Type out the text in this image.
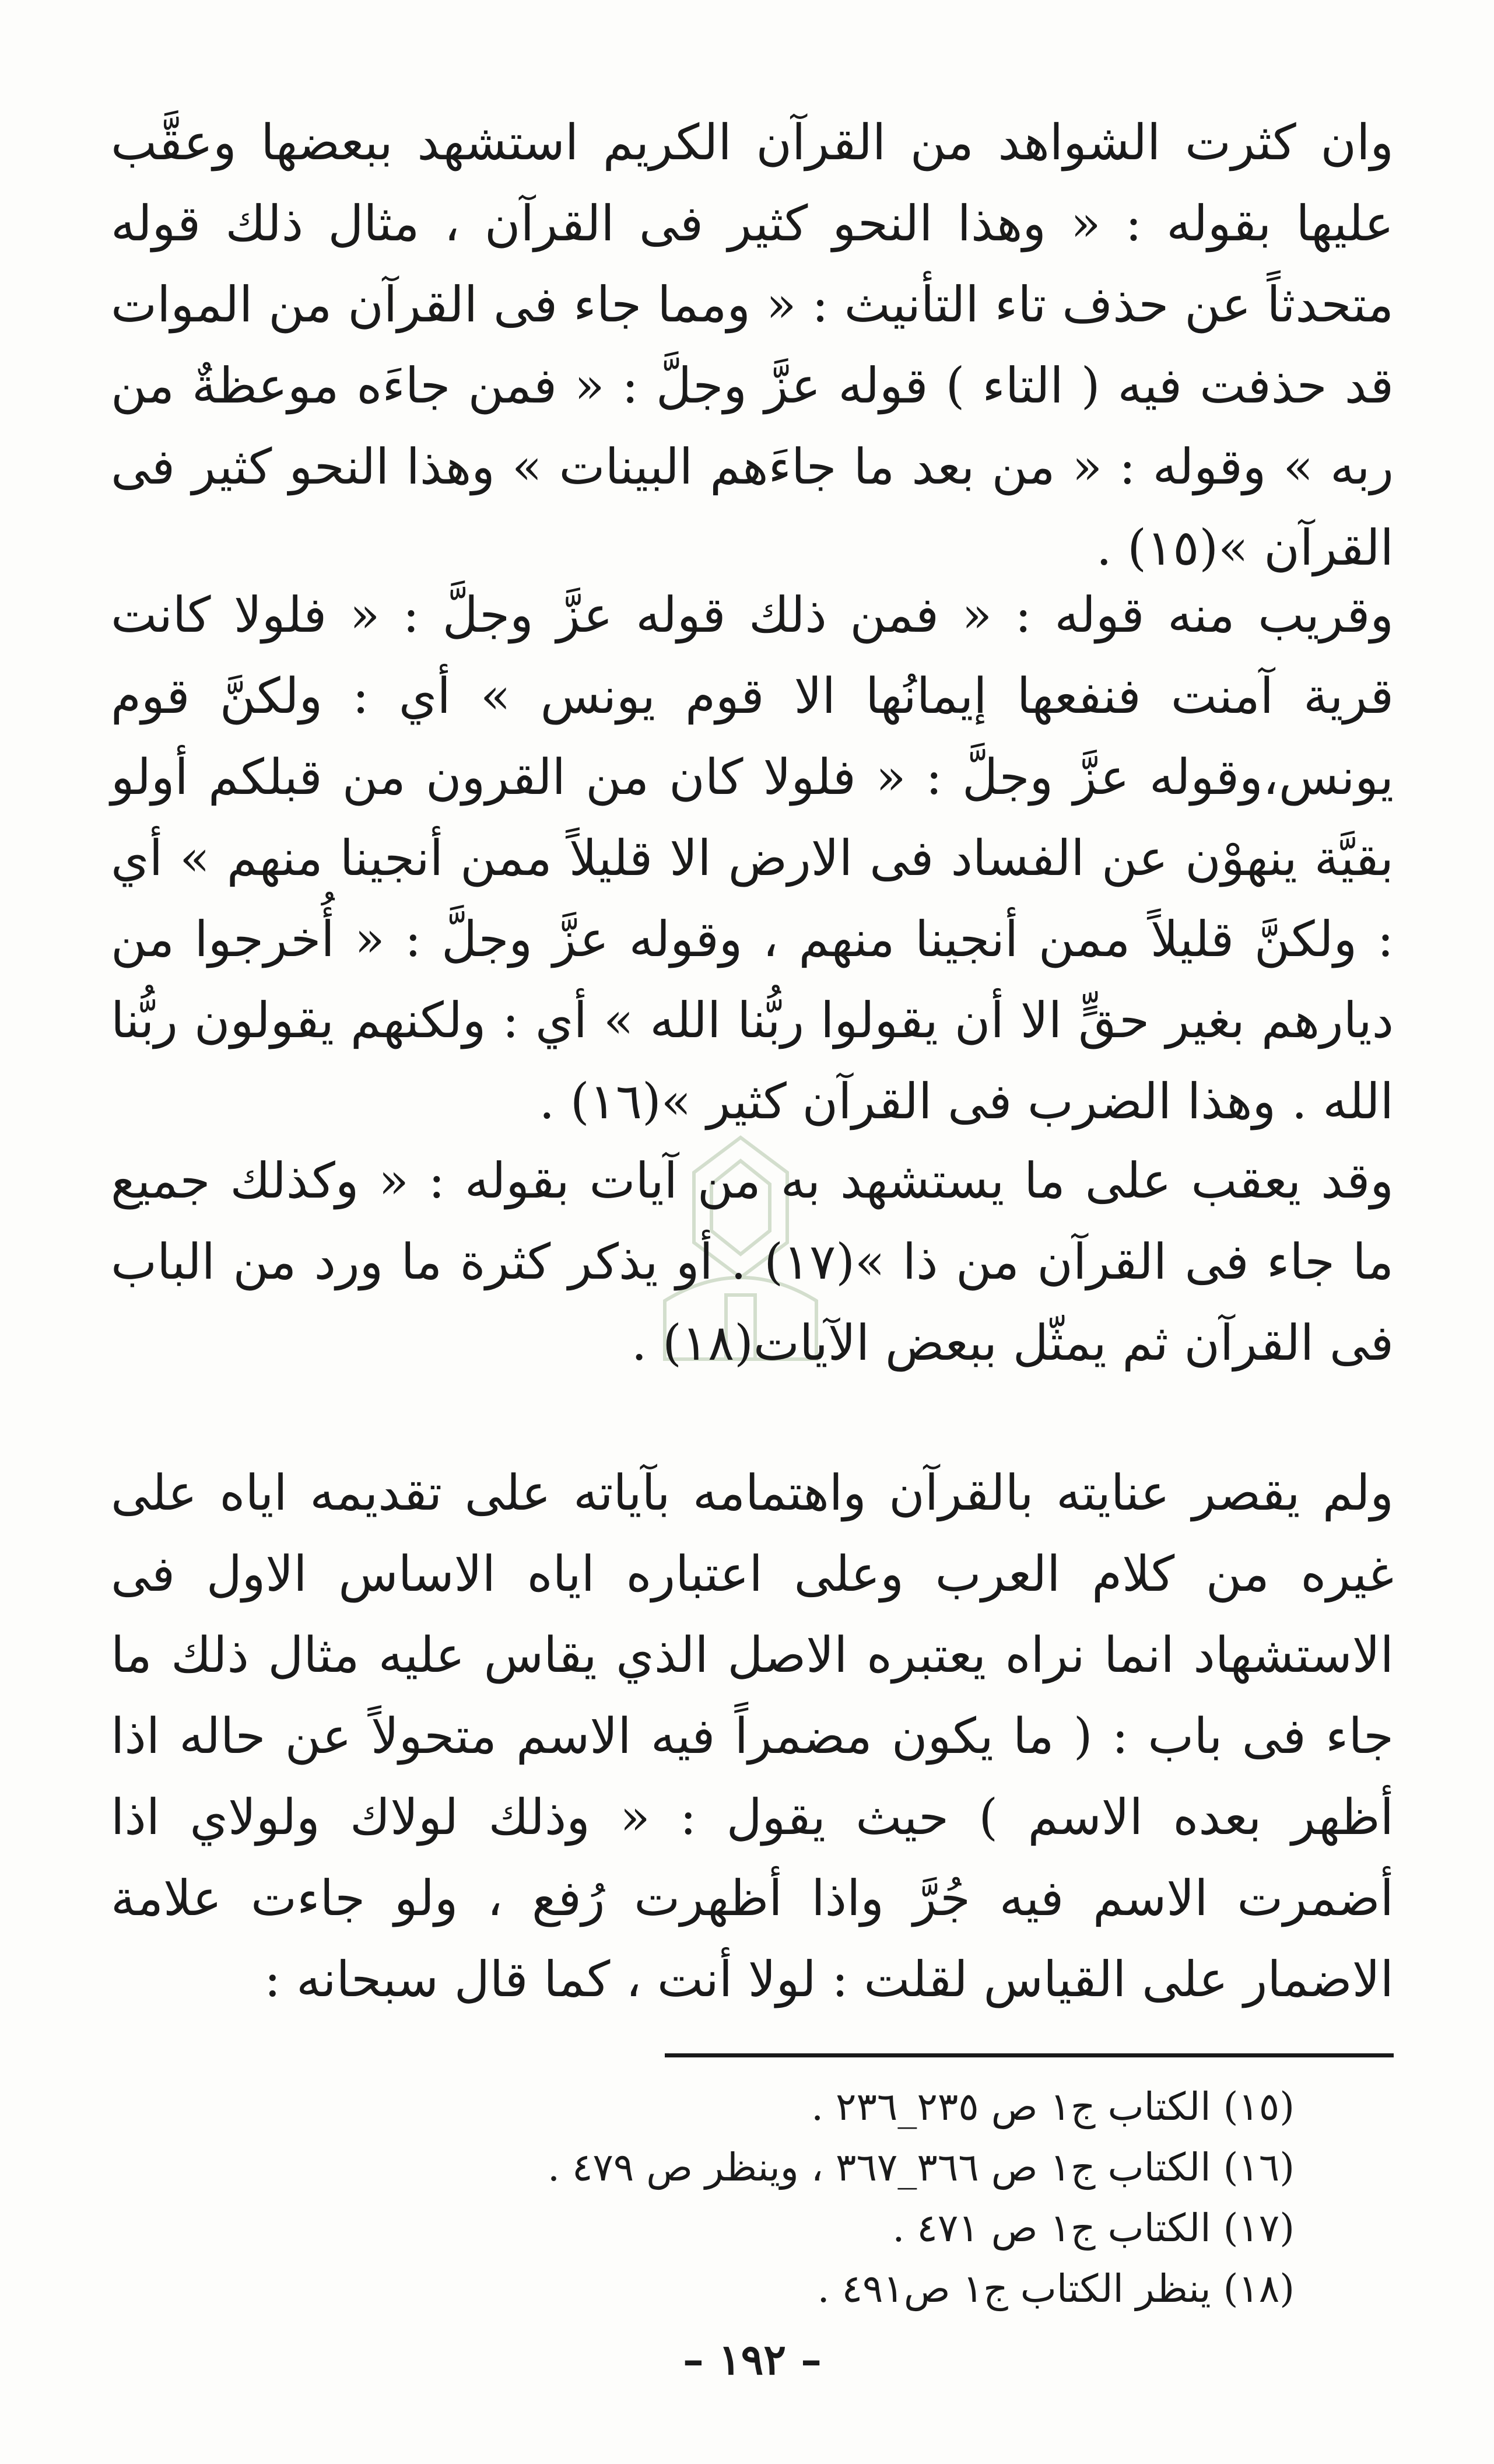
وان كثرت الشواهد من القرآن الكريم استشهد ببعضها وعقَّب عليها بقوله : « وهذا النحو كثير فى القرآن ، مثال ذلك قوله متحدثاً عن حذف تاء التأنيث : « ومما جاء فى القرآن من الموات قد حذفت فيه ( التاء ) قوله عزَّ وجلَّ : « فمن جاءَه موعظةٌ من ربه » وقوله : « من بعد ما جاءَهم البينات » وهذا النحو كثير فى القرآن »(١٥) .

وقريب منه قوله : « فمن ذلك قوله عزَّ وجلَّ : « فلولا كانت قرية آمنت فنفعها إيمانُها الا قوم يونس » أي : ولكنَّ قوم يونس،وقوله عزَّ وجلَّ : « فلولا كان من القرون من قبلكم أولو بقيَّة ينهوْن عن الفساد فى الارض الا قليلاً ممن أنجينا منهم » أي : ولكنَّ قليلاً ممن أنجينا منهم ، وقوله عزَّ وجلَّ : « أُخرجوا من ديارهم بغير حقٍّ الا أن يقولوا ربُّنا الله » أي : ولكنهم يقولون ربُّنا الله . وهذا الضرب فى القرآن كثير »(١٦) .

وقد يعقب على ما يستشهد به من آيات بقوله : « وكذلك جميع ما جاء فى القرآن من ذا »(١٧) . أو يذكر كثرة ما ورد من الباب فى القرآن ثم يمثّل ببعض الآيات(١٨) .

ولم يقصر عنايته بالقرآن واهتمامه بآياته على تقديمه اياه على غيره من كلام العرب وعلى اعتباره اياه الاساس الاول فى الاستشهاد انما نراه يعتبره الاصل الذي يقاس عليه مثال ذلك ما جاء فى باب : ( ما يكون مضمراً فيه الاسم متحولاً عن حاله اذا أظهر بعده الاسم ) حيث يقول : « وذلك لولاك ولولاي اذا أضمرت الاسم فيه جُرَّ واذا أظهرت رُفع ، ولو جاءت علامة الاضمار على القياس لقلت : لولا أنت ، كما قال سبحانه :

(١٥) الكتاب ج١ ص ٢٣٥_٢٣٦ .

(١٦) الكتاب ج١ ص ٣٦٦_٣٦٧ ، وينظر ص ٤٧٩ .

(١٧) الكتاب ج١ ص ٤٧١ .

(١٨) ينظر الكتاب ج١ ص٤٩١ .

– ١٩٢ –
